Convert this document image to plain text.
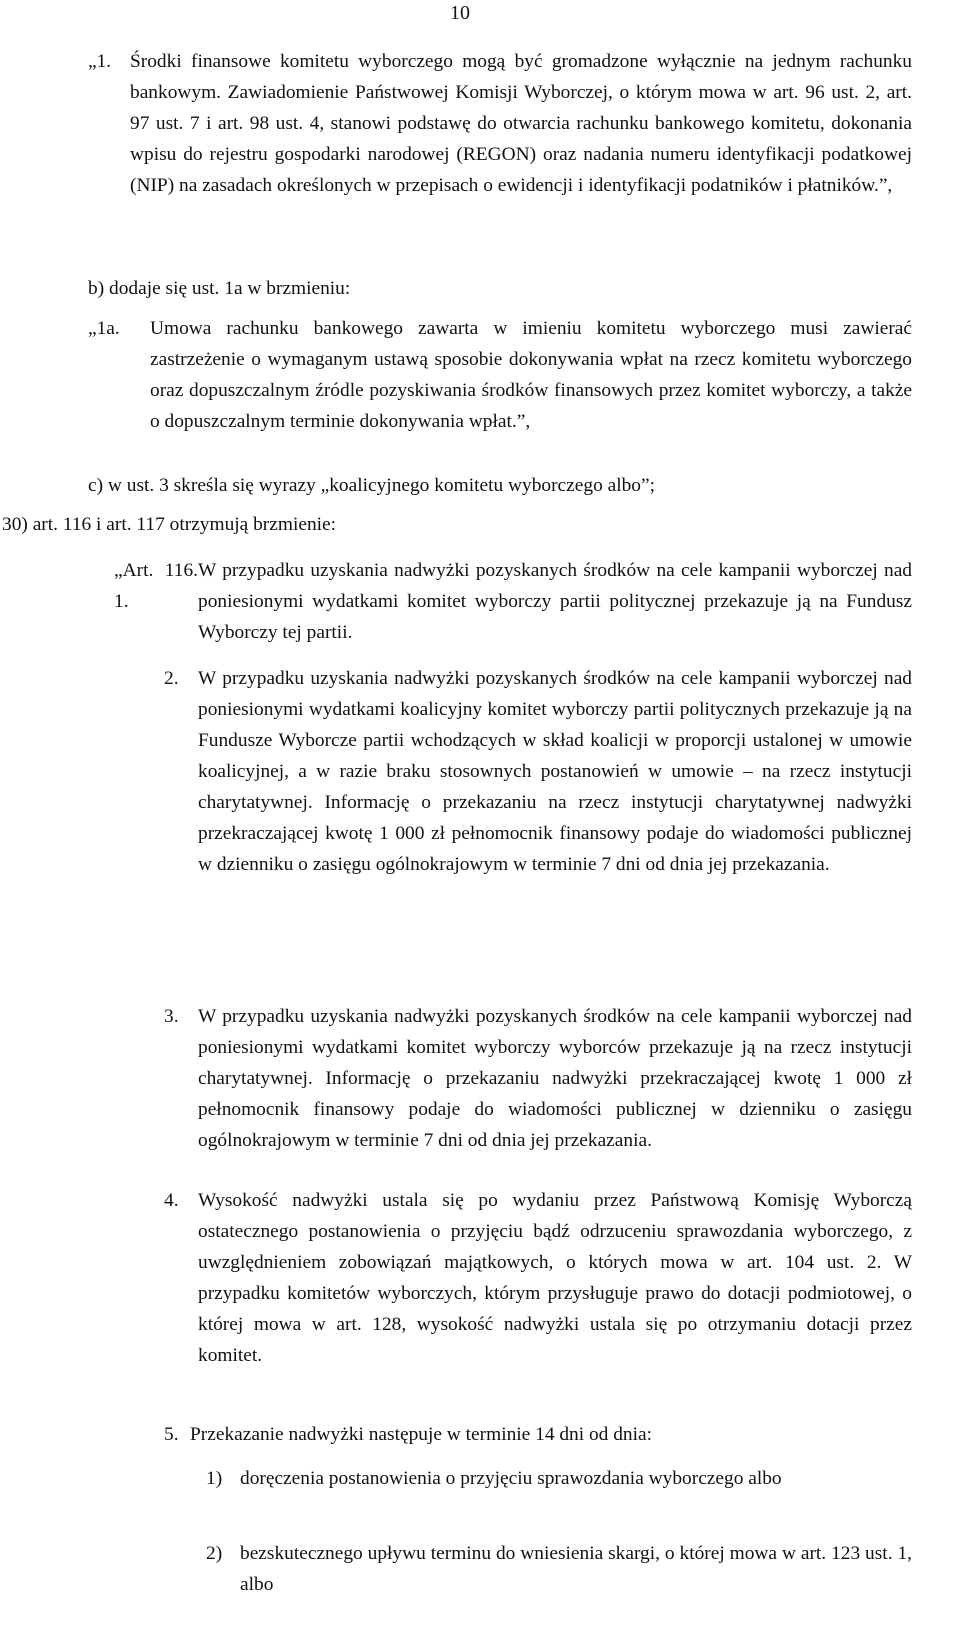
10
Środki finansowe komitetu wyborczego mogą być gromadzone wyłącznie na jednym rachunku bankowym. Zawiadomienie Państwowej Komisji Wyborczej, o którym mowa w art. 96 ust. 2, art. 97 ust. 7 i art. 98 ust. 4, stanowi podstawę do otwarcia rachunku bankowego komitetu, dokonania wpisu do rejestru gospodarki narodowej (REGON) oraz nadania numeru identyfikacji podatkowej (NIP) na zasadach określonych w przepisach o ewidencji i identyfikacji podatników i płatników.”,
b) dodaje się ust. 1a w brzmieniu:
„1a.	Umowa rachunku bankowego zawarta w imieniu komitetu wyborczego musi zawierać zastrzeżenie o wymaganym ustawą sposobie dokonywania wpłat na rzecz komitetu wyborczego oraz dopuszczalnym źródle pozyskiwania środków finansowych przez komitet wyborczy, a także o dopuszczalnym terminie dokonywania wpłat.”,
c) w ust. 3 skreśla się wyrazy „koalicyjnego komitetu wyborczego albo”;
30) art. 116 i art. 117 otrzymują brzmienie:
„Art. 116. 1.
W przypadku uzyskania nadwyżki pozyskanych środków na cele kampanii wyborczej nad poniesionymi wydatkami komitet wyborczy partii politycznej przekazuje ją na Fundusz Wyborczy tej partii.
2.	W przypadku uzyskania nadwyżki pozyskanych środków na cele kampanii wyborczej nad poniesionymi wydatkami koalicyjny komitet wyborczy partii politycznych przekazuje ją na Fundusze Wyborcze partii wchodzących w skład koalicji w proporcji ustalonej w umowie koalicyjnej, a w razie braku stosownych postanowień w umowie – na rzecz instytucji charytatywnej. Informację o przekazaniu na rzecz instytucji charytatywnej nadwyżki przekraczającej kwotę 1 000 zł pełnomocnik finansowy podaje do wiadomości publicznej w dzienniku o zasięgu ogólnokrajowym w terminie 7 dni od dnia jej przekazania.
3.	W przypadku uzyskania nadwyżki pozyskanych środków na cele kampanii wyborczej nad poniesionymi wydatkami komitet wyborczy wyborców przekazuje ją na rzecz instytucji charytatywnej. Informację o przekazaniu nadwyżki przekraczającej kwotę 1 000 zł pełnomocnik finansowy podaje do wiadomości publicznej w dzienniku o zasięgu ogólnokrajowym w terminie 7 dni od dnia jej przekazania.
4.	Wysokość nadwyżki ustala się po wydaniu przez Państwową Komisję Wyborczą ostatecznego postanowienia o przyjęciu bądź odrzuceniu sprawozdania wyborczego, z uwzględnieniem zobowiązań majątkowych, o których mowa w art. 104 ust. 2. W przypadku komitetów wyborczych, którym przysługuje prawo do dotacji podmiotowej, o której mowa w art. 128, wysokość nadwyżki ustala się po otrzymaniu dotacji przez komitet.
5. Przekazanie nadwyżki następuje w terminie 14 dni od dnia:
1) doręczenia postanowienia o przyjęciu sprawozdania wyborczego albo
2) bezskutecznego upływu terminu do wniesienia skargi, o której mowa w art. 123 ust. 1, albo
„1.
